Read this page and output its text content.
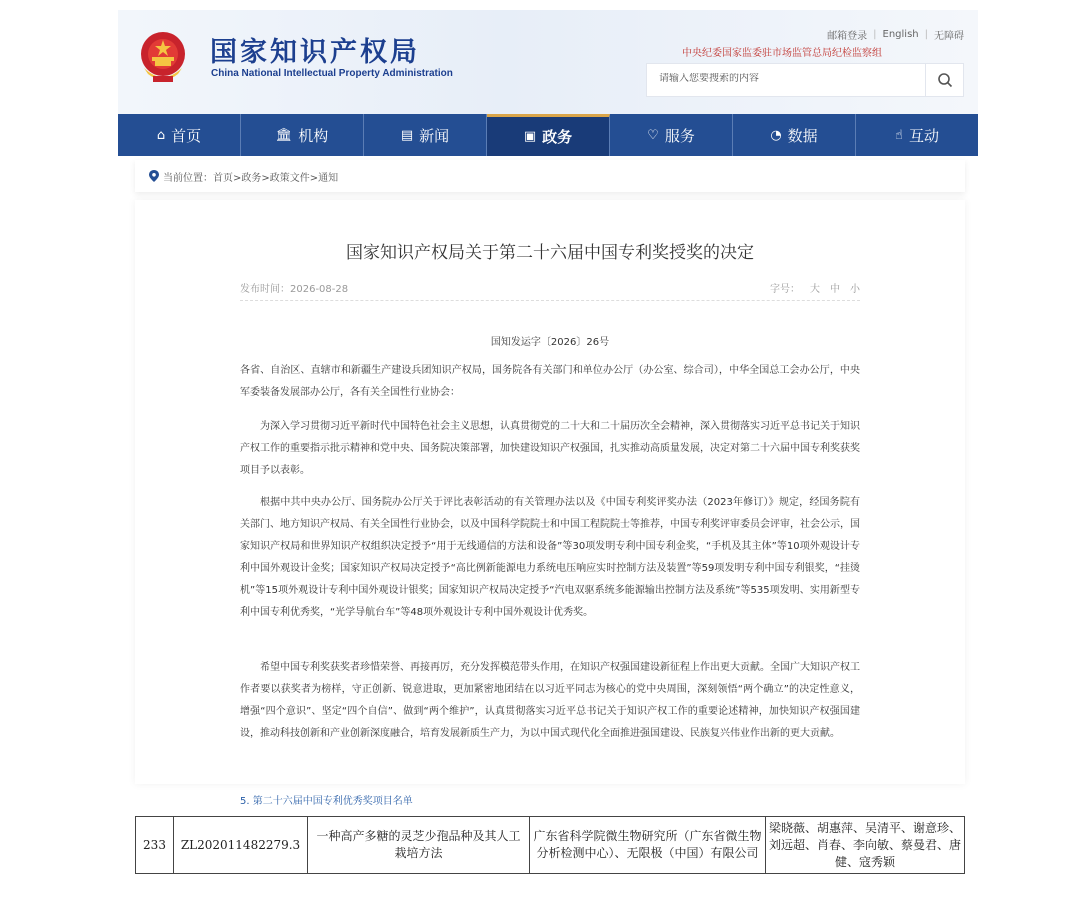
国家知识产权局
China National Intellectual Property Administration
邮箱登录 | English | 无障碍
中央纪委国家监委驻市场监管总局纪检监察组
请输入您要搜索的内容
⌂ 首页	🏛 机构	▤ 新闻	▣ 政务	♡ 服务	◔ 数据	☝ 互动
当前位置：首页>政务>政策文件>通知
国家知识产权局关于第二十六届中国专利奖授奖的决定
发布时间：2026-08-28	字号： 大 中 小
国知发运字〔2026〕26号
各省、自治区、直辖市和新疆生产建设兵团知识产权局，国务院各有关部门和单位办公厅（办公室、综合司），中华全国总工会办公厅，中央军委装备发展部办公厅，各有关全国性行业协会：
为深入学习贯彻习近平新时代中国特色社会主义思想，认真贯彻党的二十大和二十届历次全会精神，深入贯彻落实习近平总书记关于知识产权工作的重要指示批示精神和党中央、国务院决策部署，加快建设知识产权强国，扎实推动高质量发展，决定对第二十六届中国专利奖获奖项目予以表彰。
根据中共中央办公厅、国务院办公厅关于评比表彰活动的有关管理办法以及《中国专利奖评奖办法（2023年修订）》规定，经国务院有关部门、地方知识产权局、有关全国性行业协会，以及中国科学院院士和中国工程院院士等推荐，中国专利奖评审委员会评审，社会公示，国家知识产权局和世界知识产权组织决定授予“用于无线通信的方法和设备”等30项发明专利中国专利金奖，“手机及其主体”等10项外观设计专利中国外观设计金奖；国家知识产权局决定授予“高比例新能源电力系统电压响应实时控制方法及装置”等59项发明专利中国专利银奖，“挂烫机”等15项外观设计专利中国外观设计银奖；国家知识产权局决定授予“汽电双驱系统多能源输出控制方法及系统”等535项发明、实用新型专利中国专利优秀奖，“光学导航台车”等48项外观设计专利中国外观设计优秀奖。
希望中国专利奖获奖者珍惜荣誉、再接再厉，充分发挥模范带头作用，在知识产权强国建设新征程上作出更大贡献。全国广大知识产权工作者要以获奖者为榜样，守正创新、锐意进取，更加紧密地团结在以习近平同志为核心的党中央周围，深刻领悟“两个确立”的决定性意义，增强“四个意识”、坚定“四个自信”、做到“两个维护”，认真贯彻落实习近平总书记关于知识产权工作的重要论述精神，加快知识产权强国建设，推动科技创新和产业创新深度融合，培育发展新质生产力，为以中国式现代化全面推进强国建设、民族复兴伟业作出新的更大贡献。
5. 第二十六届中国专利优秀奖项目名单
233	ZL202011482279.3	一种高产多糖的灵芝少孢品种及其人工栽培方法	广东省科学院微生物研究所（广东省微生物分析检测中心）、无限极（中国）有限公司	梁晓薇、胡惠萍、吴清平、谢意珍、刘远超、肖春、李向敏、蔡曼君、唐健、寇秀颖
